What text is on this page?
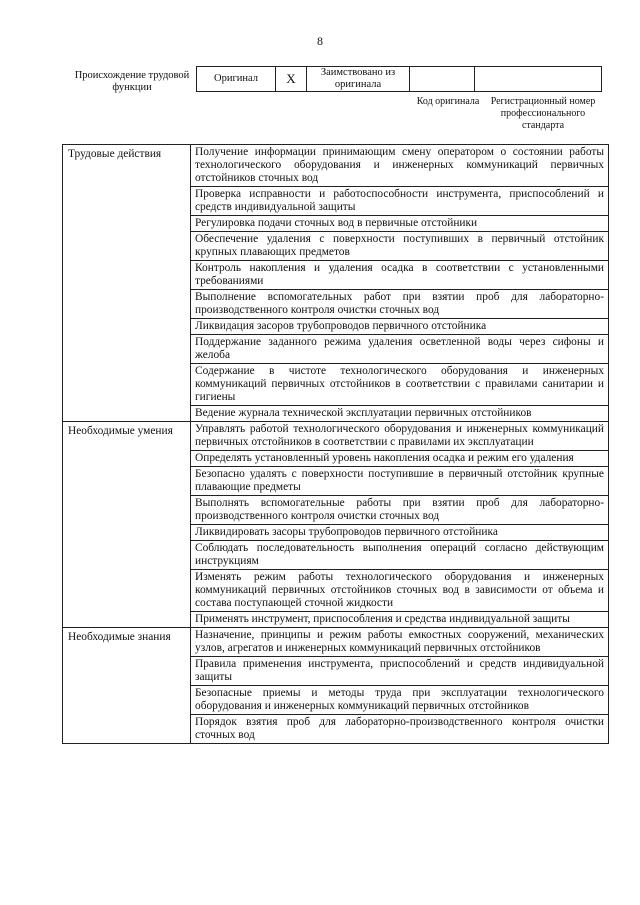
8
Происхождение трудовой функции
Оригинал	X	Заимствовано из оригинала		
Код оригинала	Регистрационный номер профессионального стандарта
Трудовые действия	Получение информации принимающим смену оператором о состоянии работы технологического оборудования и инженерных коммуникаций первичных отстойников сточных вод
	Проверка исправности и работоспособности инструмента, приспособлений и средств индивидуальной защиты
	Регулировка подачи сточных вод в первичные отстойники
	Обеспечение удаления с поверхности поступивших в первичный отстойник крупных плавающих предметов
	Контроль накопления и удаления осадка в соответствии с установленными требованиями
	Выполнение вспомогательных работ при взятии проб для лабораторно-производственного контроля очистки сточных вод
	Ликвидация засоров трубопроводов первичного отстойника
	Поддержание заданного режима удаления осветленной воды через сифоны и желоба
	Содержание в чистоте технологического оборудования и инженерных коммуникаций первичных отстойников в соответствии с правилами санитарии и гигиены
	Ведение журнала технической эксплуатации первичных отстойников
Необходимые умения	Управлять работой технологического оборудования и инженерных коммуникаций первичных отстойников в соответствии с правилами их эксплуатации
	Определять установленный уровень накопления осадка и режим его удаления
	Безопасно удалять с поверхности поступившие в первичный отстойник крупные плавающие предметы
	Выполнять вспомогательные работы при взятии проб для лабораторно-производственного контроля очистки сточных вод
	Ликвидировать засоры трубопроводов первичного отстойника
	Соблюдать последовательность выполнения операций согласно действующим инструкциям
	Изменять режим работы технологического оборудования и инженерных коммуникаций первичных отстойников сточных вод в зависимости от объема и состава поступающей сточной жидкости
	Применять инструмент, приспособления и средства индивидуальной защиты
Необходимые знания	Назначение, принципы и режим работы емкостных сооружений, механических узлов, агрегатов и инженерных коммуникаций первичных отстойников
	Правила применения инструмента, приспособлений и средств индивидуальной защиты
	Безопасные приемы и методы труда при эксплуатации технологического оборудования и инженерных коммуникаций первичных отстойников
	Порядок взятия проб для лабораторно-производственного контроля очистки сточных вод
